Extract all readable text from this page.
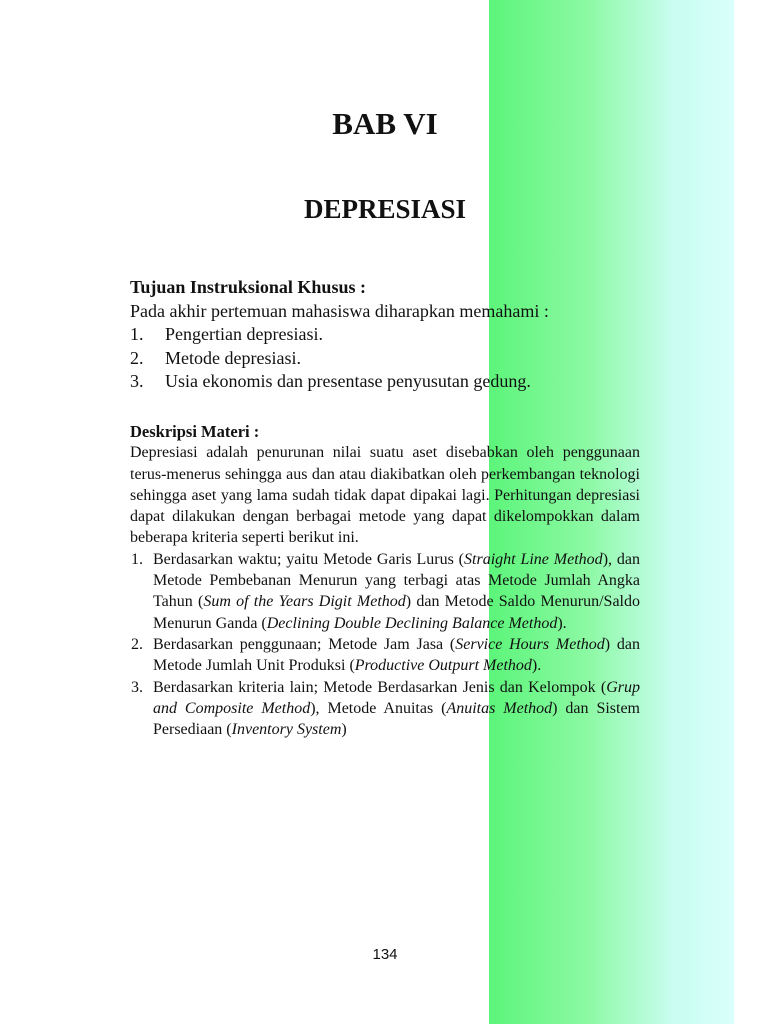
BAB VI
DEPRESIASI
Tujuan Instruksional Khusus :
Pada akhir pertemuan mahasiswa diharapkan memahami :
1.	Pengertian depresiasi.
2.	Metode depresiasi.
3.	Usia ekonomis dan presentase penyusutan gedung.
Deskripsi Materi :

Depresiasi adalah penurunan nilai suatu aset disebabkan oleh penggunaan terus-menerus sehingga aus dan atau diakibatkan oleh perkembangan teknologi sehingga aset yang lama sudah tidak dapat dipakai lagi. Perhitungan depresiasi dapat dilakukan dengan berbagai metode yang dapat dikelompokkan dalam beberapa kriteria seperti berikut ini.

1. Berdasarkan waktu; yaitu Metode Garis Lurus (Straight Line Method), dan Metode Pembebanan Menurun yang terbagi atas Metode Jumlah Angka Tahun (Sum of the Years Digit Method) dan Metode Saldo Menurun/Saldo Menurun Ganda (Declining Double Declining Balance Method).
2. Berdasarkan penggunaan; Metode Jam Jasa (Service Hours Method) dan Metode Jumlah Unit Produksi (Productive Outpurt Method).
3. Berdasarkan kriteria lain; Metode Berdasarkan Jenis dan Kelompok (Grup and Composite Method), Metode Anuitas (Anuitas Method) dan Sistem Persediaan (Inventory System)
134
